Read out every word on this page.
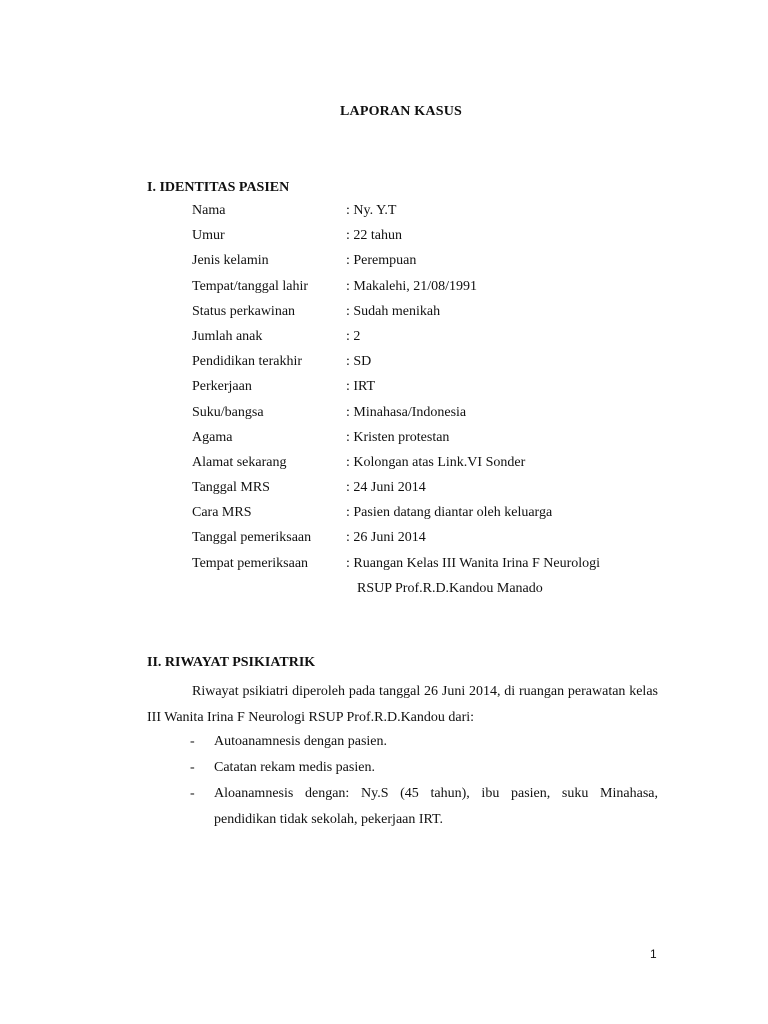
LAPORAN KASUS
I. IDENTITAS PASIEN
Nama	: Ny. Y.T
Umur	: 22 tahun
Jenis kelamin	: Perempuan
Tempat/tanggal lahir	: Makalehi, 21/08/1991
Status perkawinan	: Sudah menikah
Jumlah anak	: 2
Pendidikan terakhir	: SD
Perkerjaan	: IRT
Suku/bangsa	: Minahasa/Indonesia
Agama	: Kristen protestan
Alamat sekarang	: Kolongan atas Link.VI Sonder
Tanggal MRS	: 24 Juni 2014
Cara MRS	: Pasien datang diantar oleh keluarga
Tanggal pemeriksaan : 26 Juni 2014
Tempat pemeriksaan	: Ruangan Kelas III Wanita Irina F Neurologi
RSUP Prof.R.D.Kandou Manado
II. RIWAYAT PSIKIATRIK
Riwayat psikiatri diperoleh pada tanggal 26 Juni 2014, di ruangan perawatan kelas III Wanita Irina F Neurologi RSUP Prof.R.D.Kandou dari:
- Autoanamnesis dengan pasien.
- Catatan rekam medis pasien.
- Aloanamnesis dengan: Ny.S (45 tahun), ibu pasien, suku Minahasa, pendidikan tidak sekolah, pekerjaan IRT.
1
